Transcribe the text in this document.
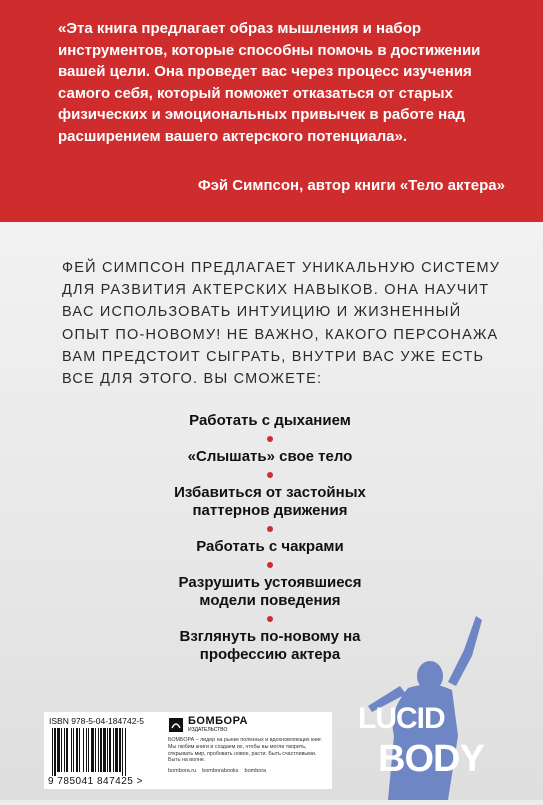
«Эта книга предлагает образ мышления и набор инструментов, которые способны помочь в достижении вашей цели. Она проведет вас через процесс изучения самого себя, который поможет отказаться от старых физических и эмоциональных привычек в работе над расширением вашего актерского потенциала».
Фэй Симпсон, автор книги «Тело актера»
ФЕЙ СИМПСОН ПРЕДЛАГАЕТ УНИКАЛЬНУЮ СИСТЕМУ ДЛЯ РАЗВИТИЯ АКТЕРСКИХ НАВЫКОВ. ОНА НАУЧИТ ВАС ИСПОЛЬЗОВАТЬ ИНТУИЦИЮ И ЖИЗНЕННЫЙ ОПЫТ ПО-НОВОМУ! НЕ ВАЖНО, КАКОГО ПЕРСОНАЖА ВАМ ПРЕДСТОИТ СЫГРАТЬ, ВНУТРИ ВАС УЖЕ ЕСТЬ ВСЕ ДЛЯ ЭТОГО. ВЫ СМОЖЕТЕ:
Работать с дыханием
«Слышать» свое тело
Избавиться от застойных паттернов движения
Работать с чакрами
Разрушить устоявшиеся модели поведения
Взглянуть по-новому на профессию актера
ISBN 978-5-04-184742-5
9 785041 847425 >
БОМБОРА
ИЗДАТЕЛЬСТВО
БОМБОРА – лидер на рынке полезных и вдохновляющих книг. Мы любим книги и создаем их, чтобы вы могли творить, открывать мир, пробовать новое, расти. Быть счастливыми. Быть на волне.
bombora.ru bomborabooks bombora
LUCID
BODY
